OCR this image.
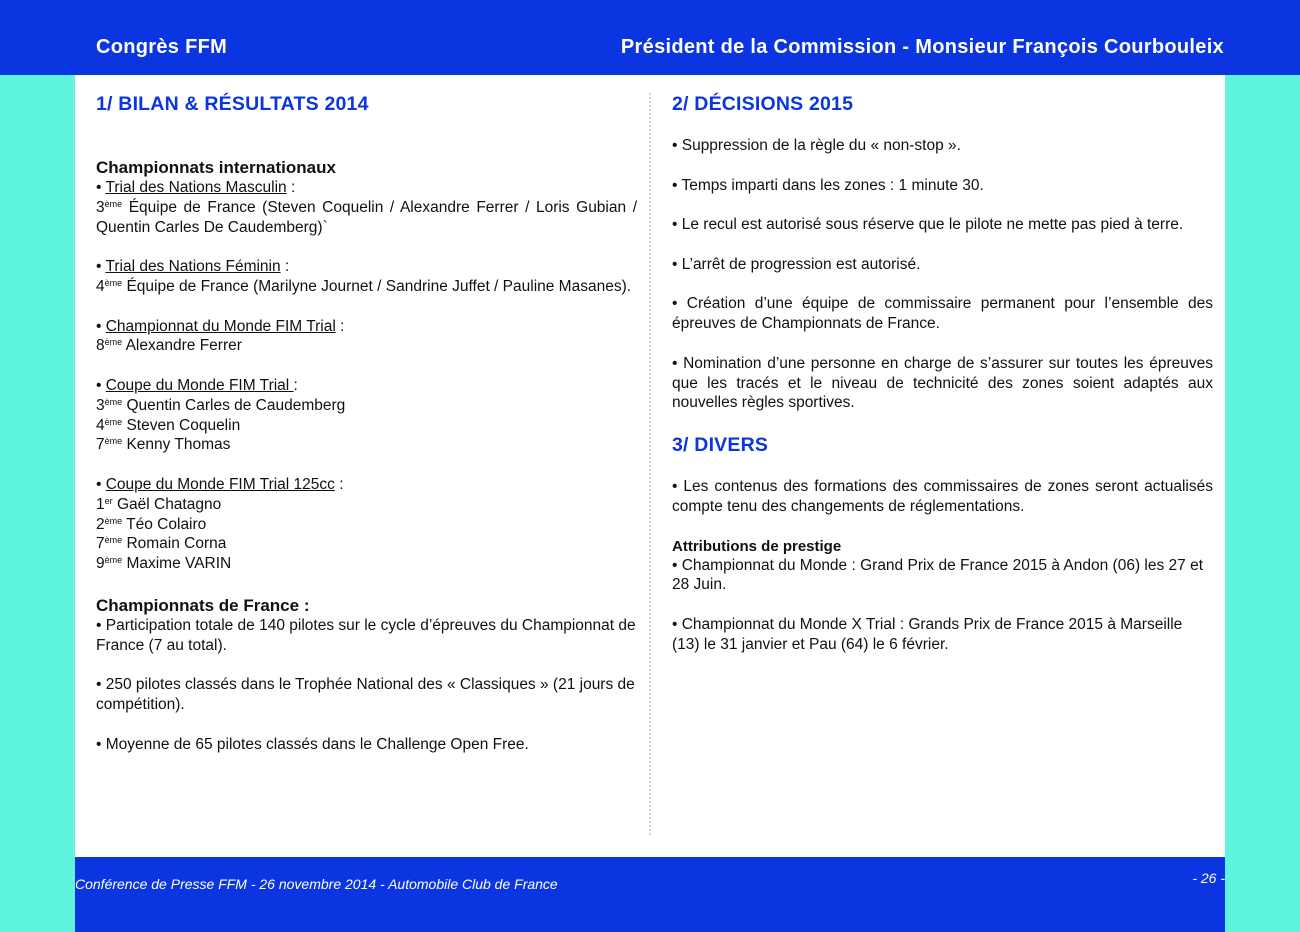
Congrès FFM	Président de la Commission - Monsieur François Courbouleix
1/ BILAN & RÉSULTATS 2014
Championnats internationaux

• Trial des Nations Masculin :

3ème Équipe de France (Steven Coquelin / Alexandre Ferrer / Loris Gubian / Quentin Carles De Caudemberg)`

• Trial des Nations Féminin :

4ème Équipe de France (Marilyne Journet / Sandrine Juffet / Pauline Masanes).

• Championnat du Monde FIM Trial :

8ème Alexandre Ferrer

• Coupe du Monde FIM Trial :

3ème Quentin Carles de Caudemberg

4ème Steven Coquelin

7ème Kenny Thomas

• Coupe du Monde FIM Trial 125cc :

1er Gaël Chatagno

2ème Téo Colairo

7ème Romain Corna

9ème Maxime VARIN

Championnats de France :

• Participation totale de 140 pilotes sur le cycle d’épreuves du Championnat de France (7 au total).

• 250 pilotes classés dans le Trophée National des « Classiques » (21 jours de compétition).

• Moyenne de 65 pilotes classés dans le Challenge Open Free.

2/ DÉCISIONS 2015

• Suppression de la règle du « non-stop ».

• Temps imparti dans les zones : 1 minute 30.

• Le recul est autorisé sous réserve que le pilote ne mette pas pied à terre.

• L’arrêt de progression est autorisé.

• Création d’une équipe de commissaire permanent pour l’ensemble des épreuves de Championnats de France.

• Nomination d’une personne en charge de s’assurer sur toutes les épreuves que les tracés et le niveau de technicité des zones soient adaptés aux nouvelles règles sportives.

3/ DIVERS

• Les contenus des formations des commissaires de zones seront actualisés compte tenu des changements de réglementations.

Attributions de prestige

• Championnat du Monde : Grand Prix de France 2015 à Andon (06) les 27 et 28 Juin.

• Championnat du Monde X Trial : Grands Prix de France 2015 à Marseille (13) le 31 janvier et Pau (64) le 6 février.

Conférence de Presse FFM - 26 novembre 2014 - Automobile Club de France	- 26 -
